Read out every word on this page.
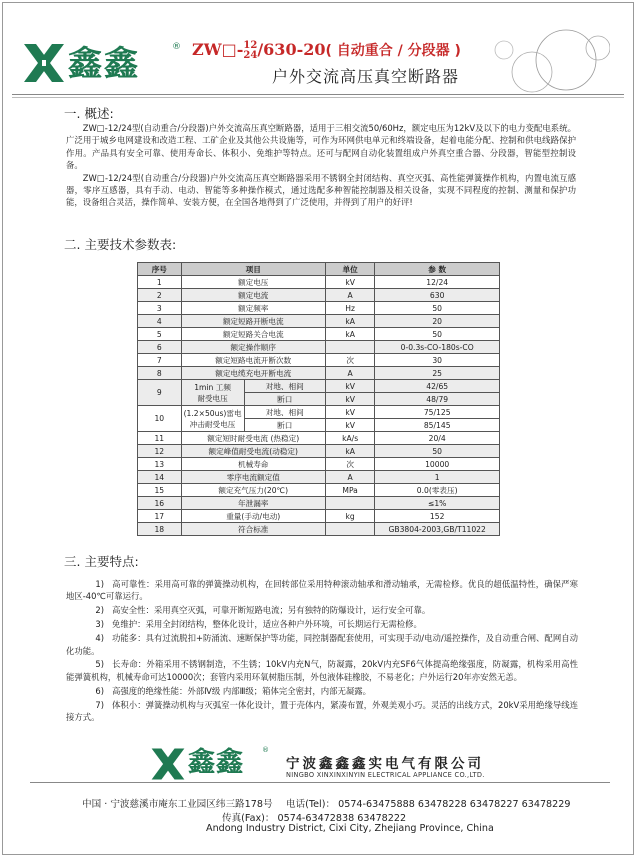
鑫鑫	® ZW□- 12
24 /630-20( 自动重合 / 分段器 )
户外交流高压真空断路器
一. 概述:

ZW□-12/24型(自动重合/分段器)户外交流高压真空断路器，适用于三相交流50/60Hz，额定电压为12kV及以下的电力变配电系统。广泛用于城乡电网建设和改造工程、工矿企业及其他公共设施等，可作为环网供电单元和终端设备，起着电能分配、控制和供电线路保护作用。产品具有安全可靠、使用寿命长、体积小、免维护等特点。还可与配网自动化装置组成户外真空重合器、分段器，智能型控制设备。

ZW□-12/24型(自动重合/分段器)户外交流高压真空断路器采用不锈钢全封闭结构、真空灭弧、高性能弹簧操作机构，内置电流互感器，零序互感器，具有手动、电动、智能等多种操作模式，通过选配多种智能控制器及相关设备，实现不同程度的控制、测量和保护功能，设备组合灵活，操作简单、安装方便，在全国各地得到了广泛使用，并得到了用户的好评!

二. 主要技术参数表:
序号	项目		单位	参 数
1	额定电压		kV	12/24
2	额定电流		A	630
3	额定频率		Hz	50
4	额定短路开断电流		kA	20
5	额定短路关合电流		kA	50
6	额定操作顺序			0-0.3s-CO-180s-CO
7	额定短路电流开断次数		次	30
8	额定电缆充电开断电流		A	25
9	1min 工频
耐受电压	对地、相间	kV	42/65
		断口	kV	48/79
10	(1.2×50us)雷电
冲击耐受电压	对地、相间	kV	75/125
		断口	kV	85/145
11	额定短时耐受电流 (热稳定)		kA/s	20/4
12	额定峰值耐受电流(动稳定)		kA	50
13	机械寿命		次	10000
14	零序电流额定值		A	1
15	额定充气压力(20℃)		MPa	0.0(零表压)
16	年泄漏率			≤1%
17	重量(手动/电动)		kg	152
18	符合标准			GB3804-2003,GB/T11022
三. 主要特点:

1) 高可靠性：采用高可靠的弹簧操动机构，在回转部位采用特种滚动轴承和滑动轴承，无需检修。优良的超低温特性，确保严寒地区-40℃可靠运行。

2) 高安全性：采用真空灭弧，可靠开断短路电流；另有独特的防爆设计，运行安全可靠。

3) 免维护：采用全封闭结构，整体化设计，适应各种户外环境，可长期运行无需检修。

4) 功能多：具有过流脱扣+防涌流、速断保护等功能，同控制器配套使用，可实现手动/电动/遥控操作，及自动重合闸、配网自动化功能。

5) 长寿命：外箱采用不锈钢制造，不生锈；10kV内充N气，防凝露，20kV内充SF6气体提高绝缘强度，防凝露，机构采用高性能弹簧机构，机械寿命可达10000次；套管内采用环氧树脂压制，外包液体硅橡胶，不易老化；户外运行20年亦安然无恙。

6) 高强度的绝缘性能：外部Ⅳ级 内部Ⅲ级；箱体完全密封，内部无凝露。

7) 体积小：弹簧操动机构与灭弧室一体化设计，置于壳体内，紧凑布置，外观美观小巧。灵活的出线方式，20kV采用绝缘导线连接方式。

鑫鑫	®
宁波鑫鑫鑫实电气有限公司
NINGBO XINXINXINYIN ELECTRICAL APPLIANCE CO.,LTD.
中国 · 宁波慈溪市庵东工业园区纬三路178号 电话(Tel)： 0574-63475888 63478228 63478227 63478229
传真(Fax)： 0574-63472838 63478222
Andong Industry District, Cixi City, Zhejiang Province, China
